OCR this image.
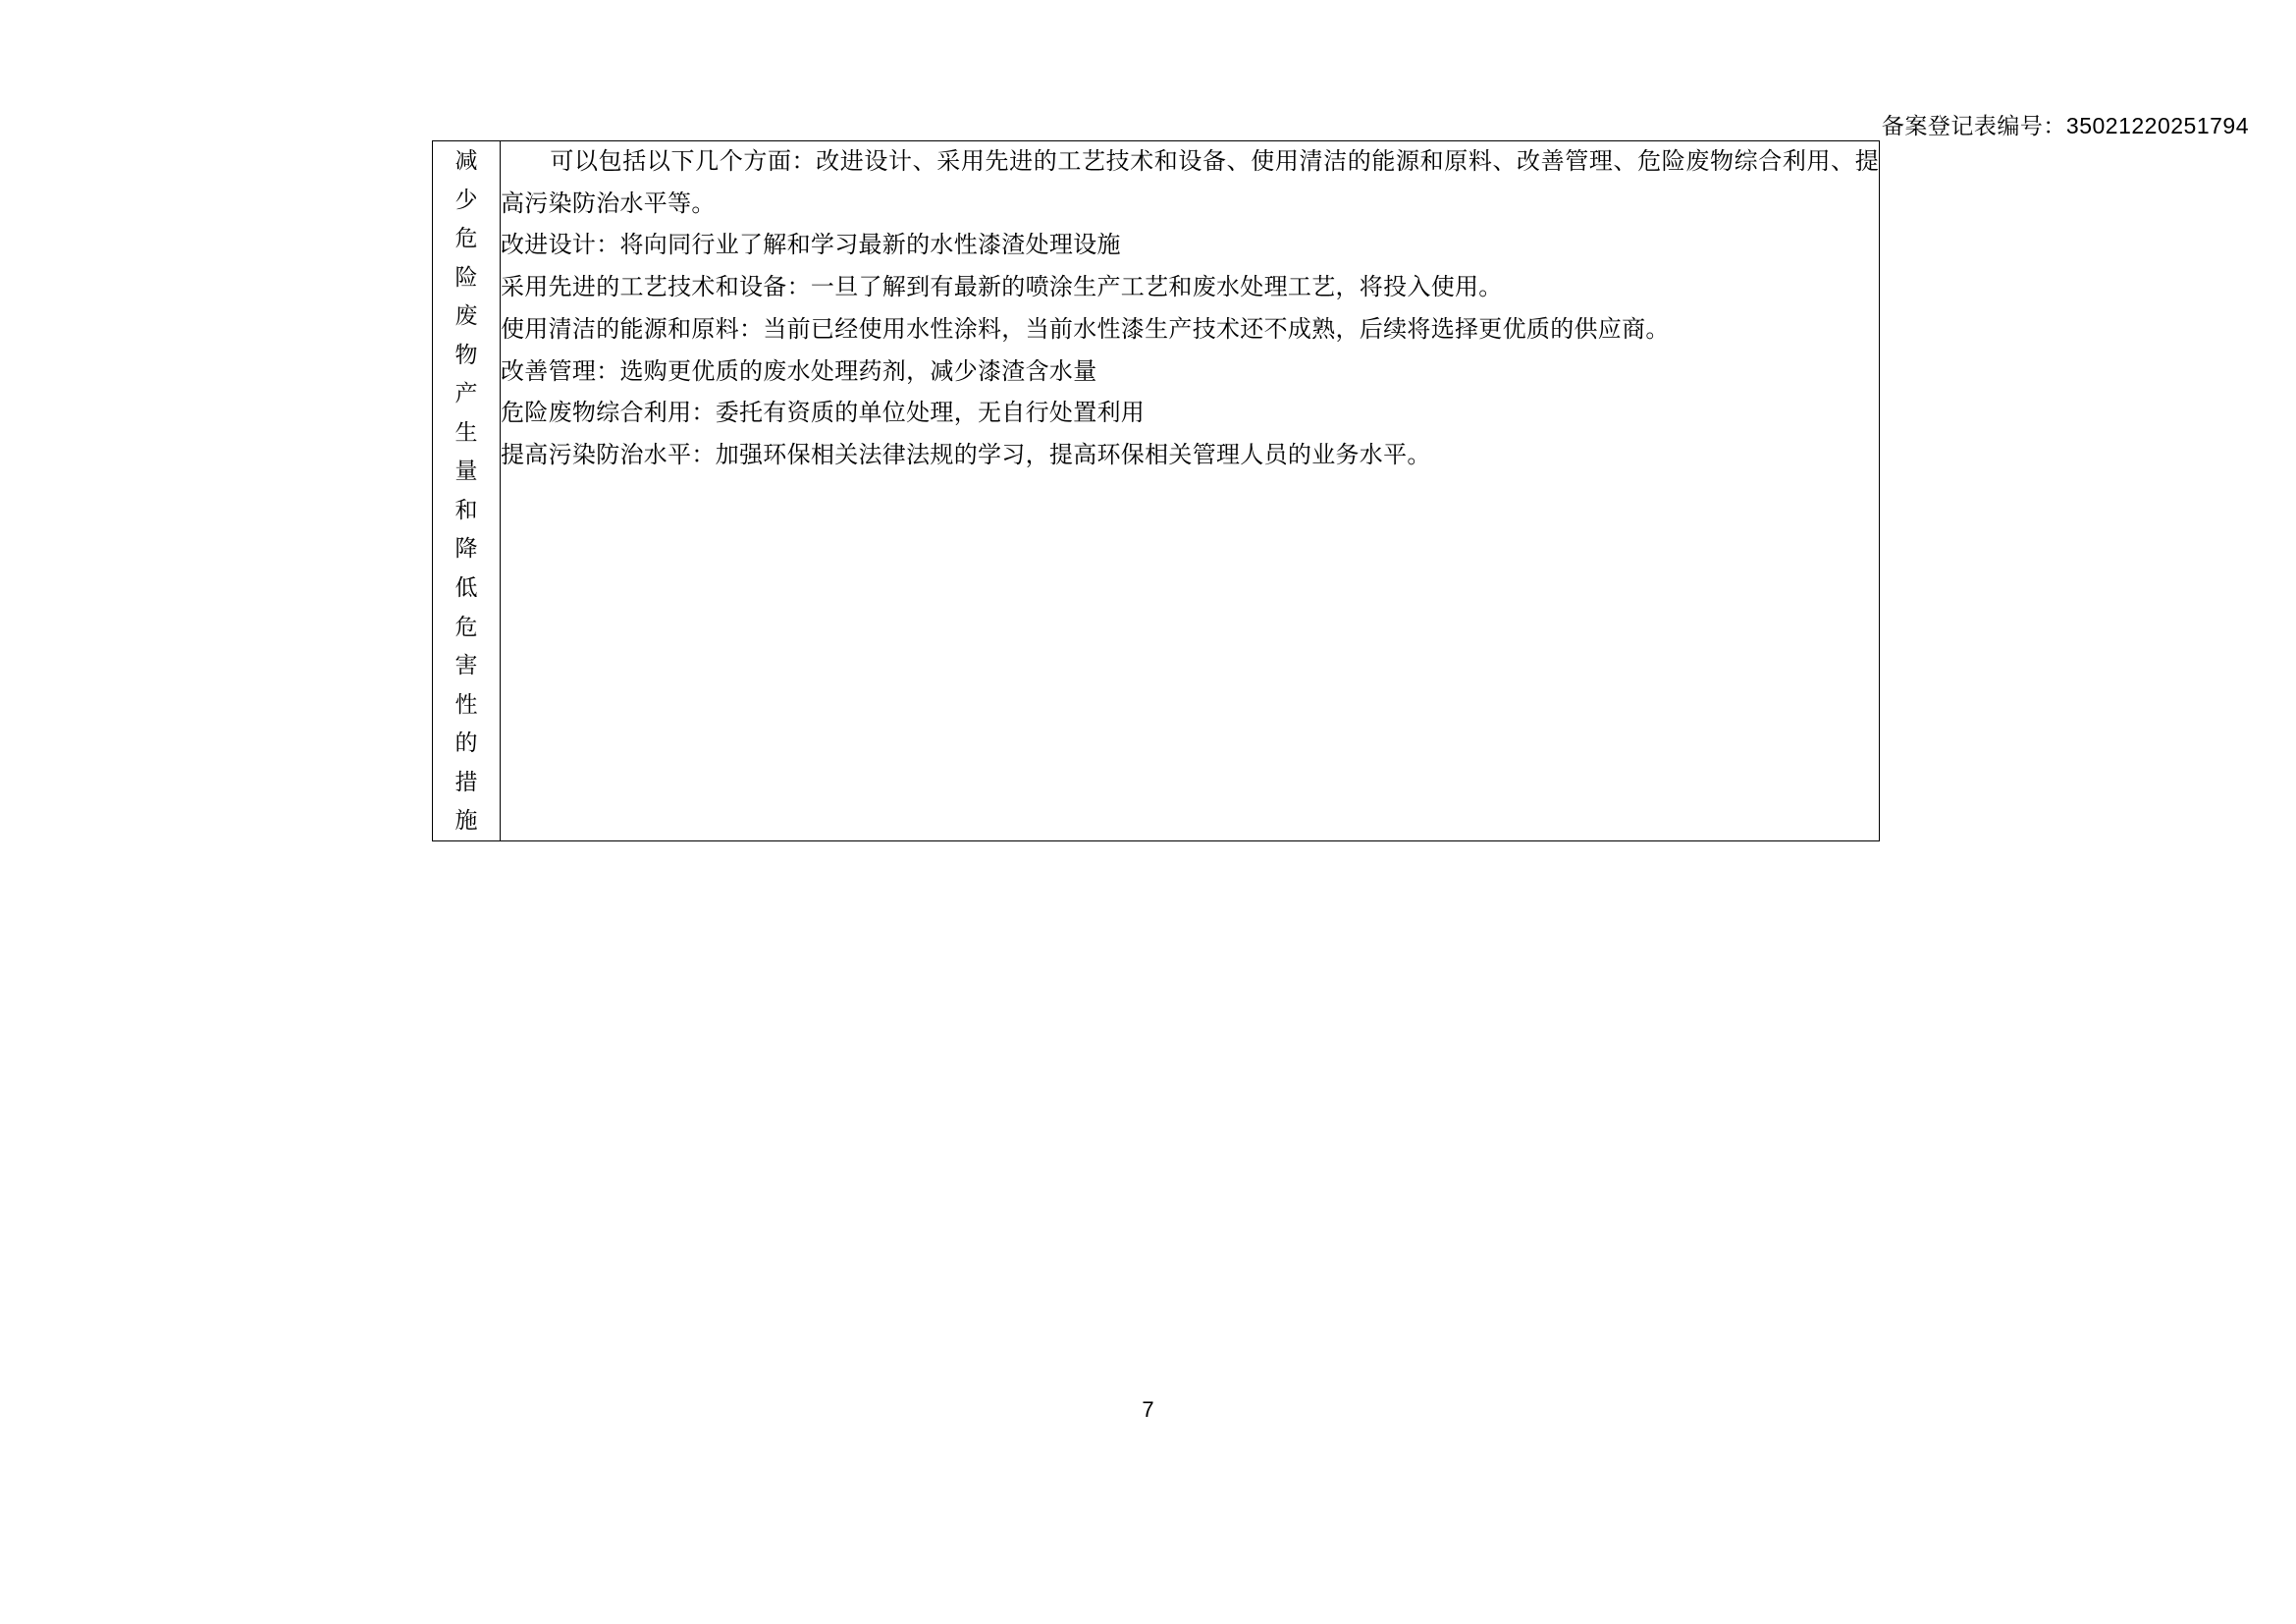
备案登记表编号：35021220251794
减少危险废物产生量和降低危害性的措施

可以包括以下几个方面：改进设计、采用先进的工艺技术和设备、使用清洁的能源和原料、改善管理、危险废物综合利用、提高污染防治水平等。

改进设计：将向同行业了解和学习最新的水性漆渣处理设施

采用先进的工艺技术和设备：一旦了解到有最新的喷涂生产工艺和废水处理工艺，将投入使用。

使用清洁的能源和原料：当前已经使用水性涂料，当前水性漆生产技术还不成熟，后续将选择更优质的供应商。

改善管理：选购更优质的废水处理药剂，减少漆渣含水量

危险废物综合利用：委托有资质的单位处理，无自行处置利用

提高污染防治水平：加强环保相关法律法规的学习，提高环保相关管理人员的业务水平。

7
